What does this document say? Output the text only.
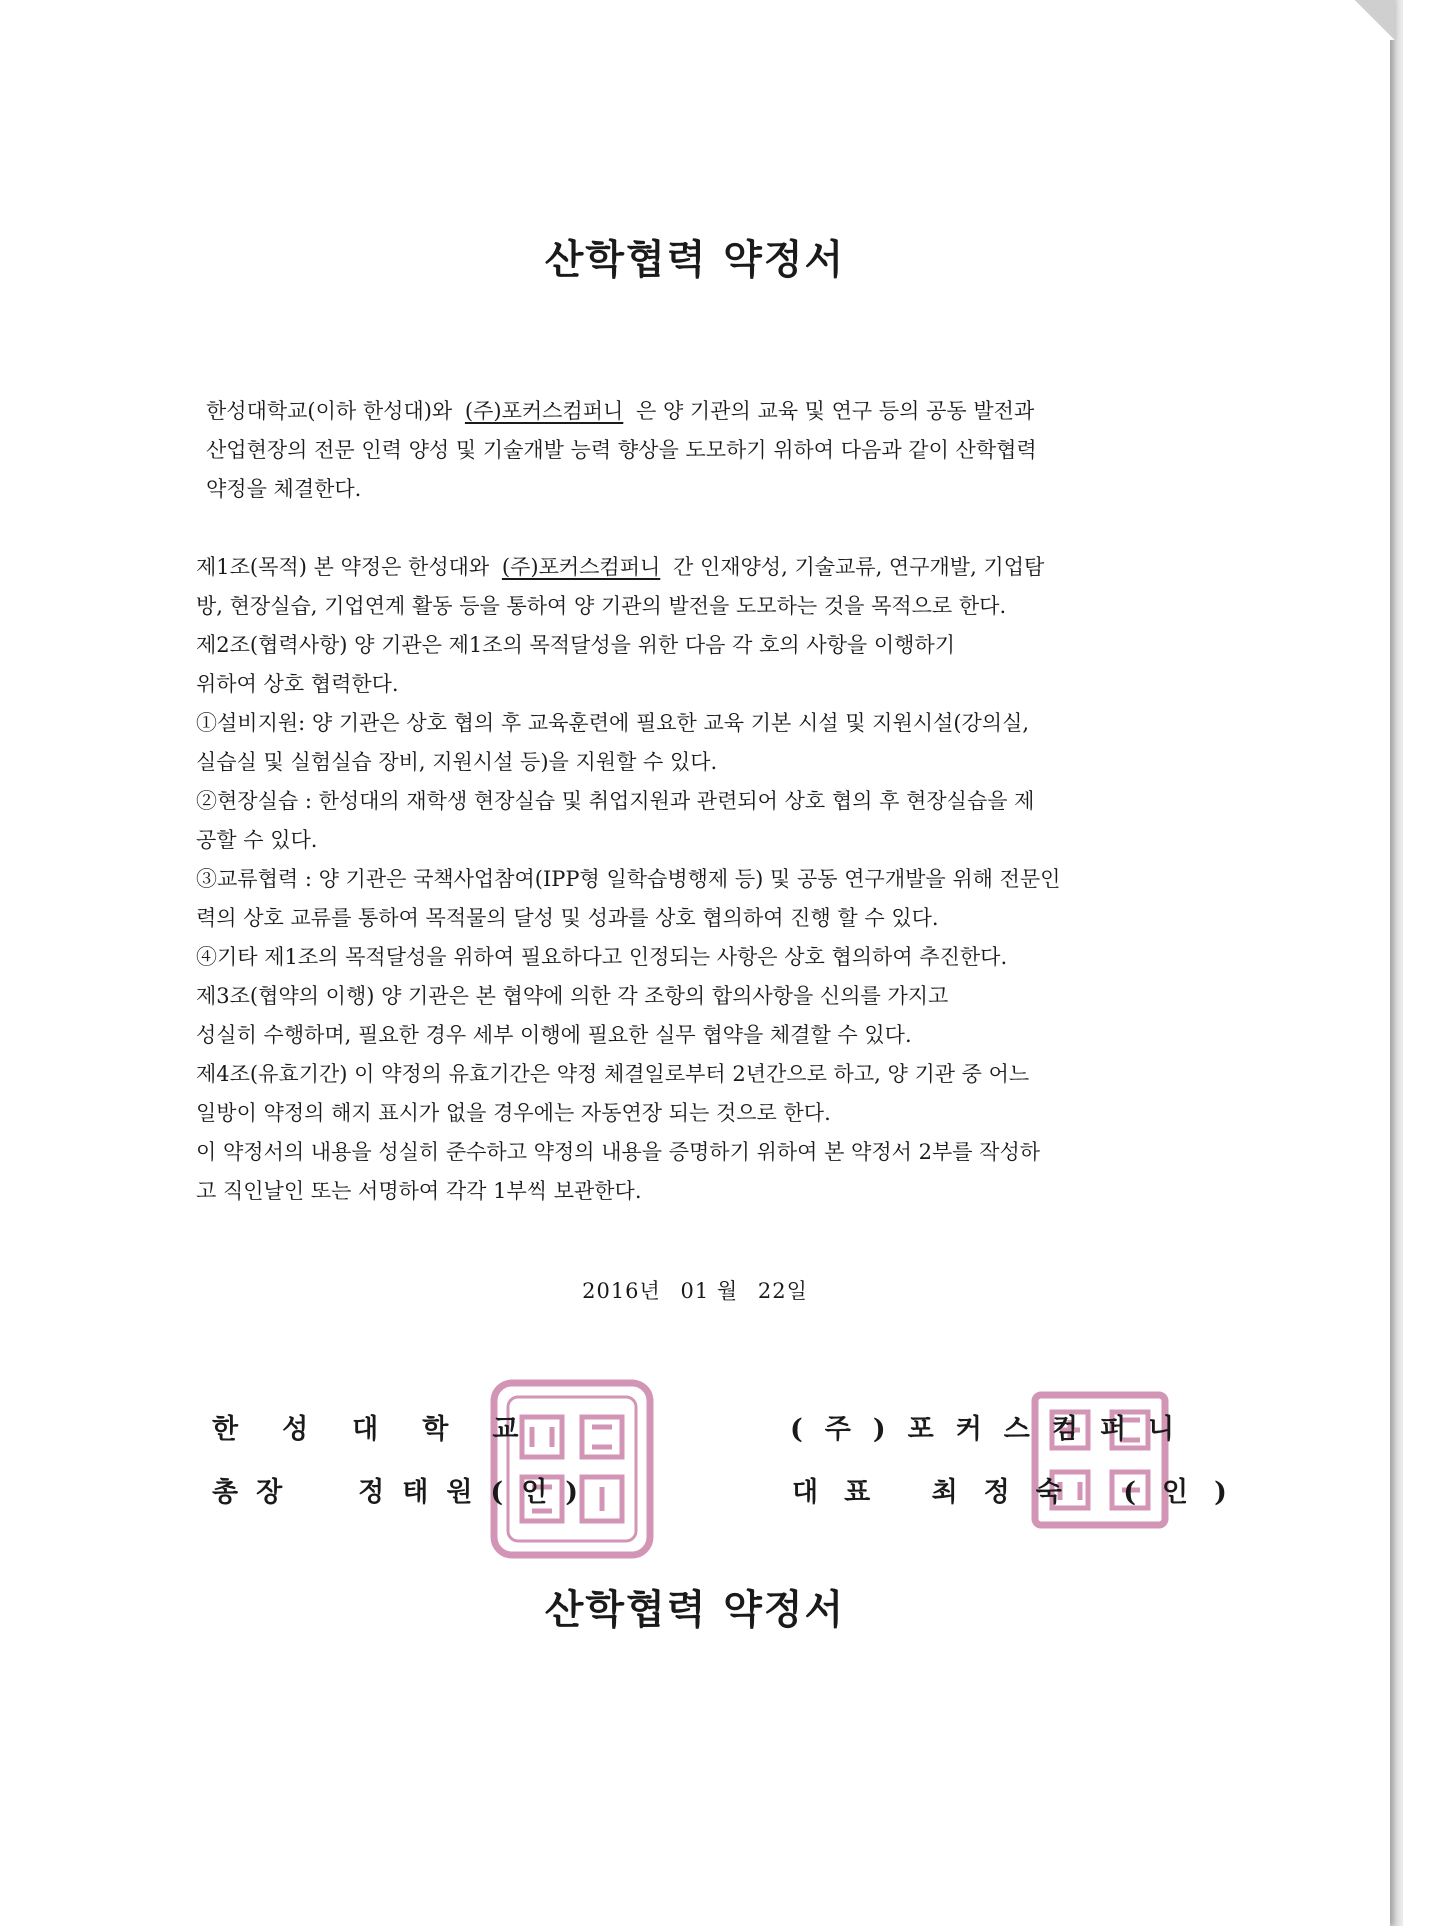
산학협력 약정서
한성대학교(이하 한성대)와 (주)포커스컴퍼니 은 양 기관의 교육 및 연구 등의 공동 발전과
산업현장의 전문 인력 양성 및 기술개발 능력 향상을 도모하기 위하여 다음과 같이 산학협력
약정을 체결한다.
제1조(목적) 본 약정은 한성대와 (주)포커스컴퍼니 간 인재양성, 기술교류, 연구개발, 기업탐
방, 현장실습, 기업연계 활동 등을 통하여 양 기관의 발전을 도모하는 것을 목적으로 한다.
제2조(협력사항) 양 기관은 제1조의 목적달성을 위한 다음 각 호의 사항을 이행하기
위하여 상호 협력한다.
①설비지원: 양 기관은 상호 협의 후 교육훈련에 필요한 교육 기본 시설 및 지원시설(강의실,
실습실 및 실험실습 장비, 지원시설 등)을 지원할 수 있다.
②현장실습 : 한성대의 재학생 현장실습 및 취업지원과 관련되어 상호 협의 후 현장실습을 제
공할 수 있다.
③교류협력 : 양 기관은 국책사업참여(IPP형 일학습병행제 등) 및 공동 연구개발을 위해 전문인
력의 상호 교류를 통하여 목적물의 달성 및 성과를 상호 협의하여 진행 할 수 있다.
④기타 제1조의 목적달성을 위하여 필요하다고 인정되는 사항은 상호 협의하여 추진한다.
제3조(협약의 이행) 양 기관은 본 협약에 의한 각 조항의 합의사항을 신의를 가지고
성실히 수행하며, 필요한 경우 세부 이행에 필요한 실무 협약을 체결할 수 있다.
제4조(유효기간) 이 약정의 유효기간은 약정 체결일로부터 2년간으로 하고, 양 기관 중 어느
일방이 약정의 해지 표시가 없을 경우에는 자동연장 되는 것으로 한다.
이 약정서의 내용을 성실히 준수하고 약정의 내용을 증명하기 위하여 본 약정서 2부를 작성하
고 직인날인 또는 서명하여 각각 1부씩 보관한다.
2016년 01 월 22일
한성대학교
총장 정태원(인)
(주)포커스컴퍼니
대표 최정숙 (인)
산학협력 약정서
